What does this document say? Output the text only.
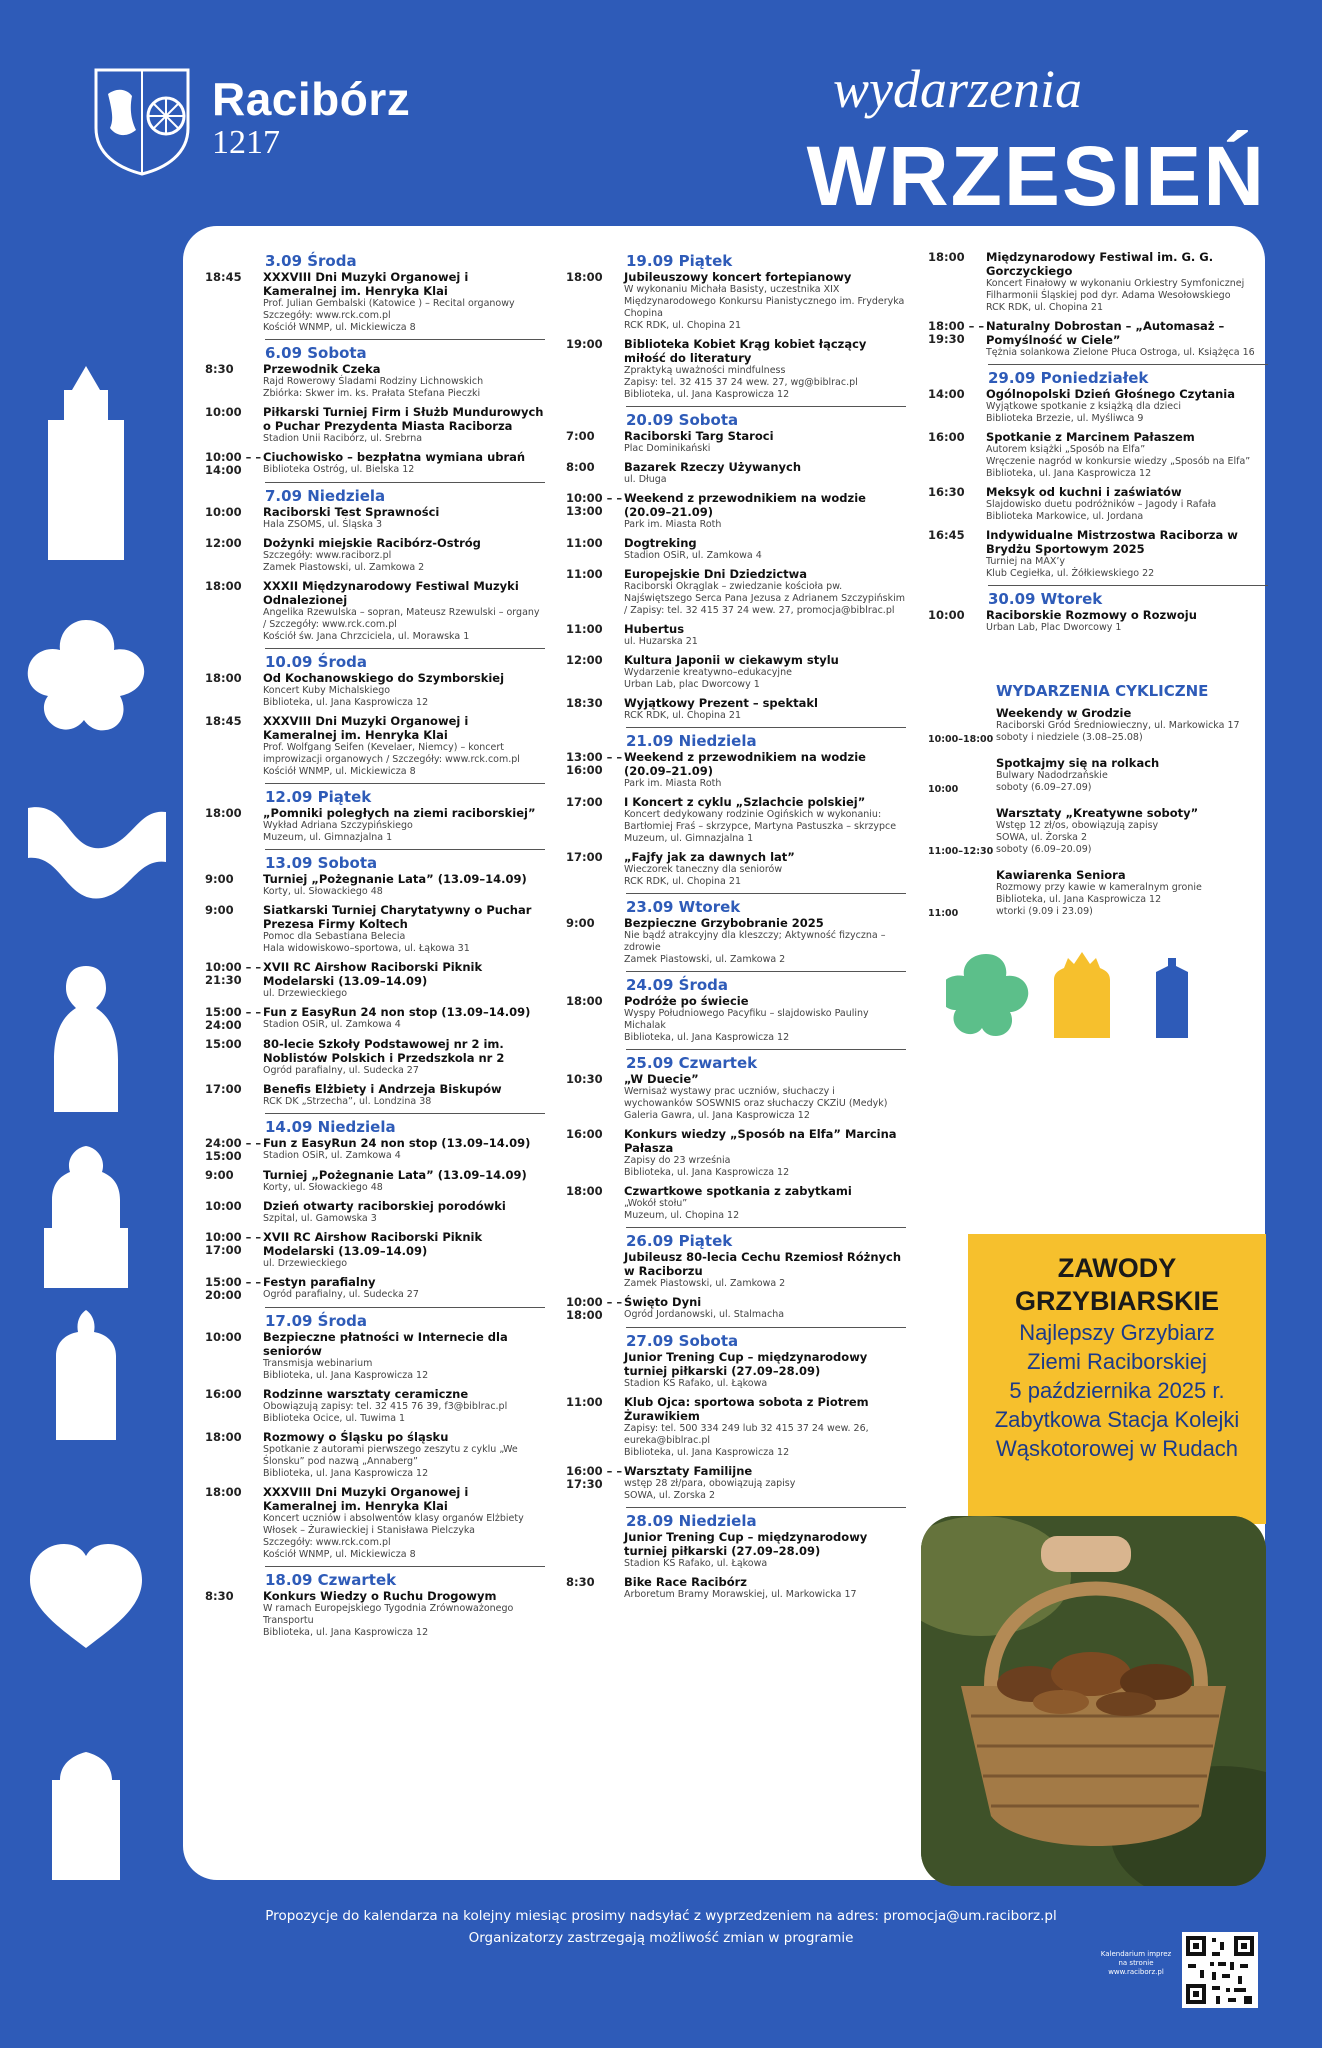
Racibórz
1217
wydarzenia
WRZESIEŃ
3.09 Środa
18:45	XXXVIII Dni Muzyki Organowej i Kameralnej im. Henryka Klai
Prof. Julian Gembalski (Katowice ) – Recital organowy
Szczegóły: www.rck.com.pl
Kościół WNMP, ul. Mickiewicza 8
6.09 Sobota
8:30	Przewodnik Czeka
Rajd Rowerowy Śladami Rodziny Lichnowskich
Zbiórka: Skwer im. ks. Prałata Stefana Pieczki
10:00	Piłkarski Turniej Firm i Służb Mundurowych o Puchar Prezydenta Miasta Raciborza
Stadion Unii Racibórz, ul. Srebrna
10:00 – – 14:00
Ciuchowisko – bezpłatna wymiana ubrań
Biblioteka Ostróg, ul. Bielska 12
7.09 Niedziela
10:00	Raciborski Test Sprawności
Hala ZSOMS, ul. Śląska 3
12:00	Dożynki miejskie Racibórz-Ostróg
Szczegóły: www.raciborz.pl
Zamek Piastowski, ul. Zamkowa 2
18:00	XXXII Międzynarodowy Festiwal Muzyki Odnalezionej
Angelika Rzewulska – sopran, Mateusz Rzewulski – organy / Szczegóły: www.rck.com.pl
Kościół św. Jana Chrzciciela, ul. Morawska 1
10.09 Środa
18:00	Od Kochanowskiego do Szymborskiej
Koncert Kuby Michalskiego
Biblioteka, ul. Jana Kasprowicza 12
18:45	XXXVIII Dni Muzyki Organowej i Kameralnej im. Henryka Klai
Prof. Wolfgang Seifen (Kevelaer, Niemcy) – koncert improwizacji organowych / Szczegóły: www.rck.com.pl
Kościół WNMP, ul. Mickiewicza 8
12.09 Piątek
18:00	„Pomniki poległych na ziemi raciborskiej”
Wykład Adriana Szczypińskiego
Muzeum, ul. Gimnazjalna 1
13.09 Sobota
9:00	Turniej „Pożegnanie Lata” (13.09–14.09)
Korty, ul. Słowackiego 48
9:00	Siatkarski Turniej Charytatywny o Puchar Prezesa Firmy Koltech
Pomoc dla Sebastiana Belecia
Hala widowiskowo–sportowa, ul. Łąkowa 31
10:00 – – 21:30
XVII RC Airshow Raciborski Piknik Modelarski (13.09–14.09)
ul. Drzewieckiego
15:00 – – 24:00
Fun z EasyRun 24 non stop (13.09–14.09)
Stadion OSiR, ul. Zamkowa 4
15:00	80-lecie Szkoły Podstawowej nr 2 im. Noblistów Polskich i Przedszkola nr 2
Ogród parafialny, ul. Sudecka 27
17:00	Benefis Elżbiety i Andrzeja Biskupów
RCK DK „Strzecha”, ul. Londzina 38
14.09 Niedziela
24:00 – – 15:00
Fun z EasyRun 24 non stop (13.09–14.09)
Stadion OSiR, ul. Zamkowa 4
9:00	Turniej „Pożegnanie Lata” (13.09–14.09)
Korty, ul. Słowackiego 48
10:00	Dzień otwarty raciborskiej porodówki
Szpital, ul. Gamowska 3
10:00 – – 17:00
XVII RC Airshow Raciborski Piknik Modelarski (13.09–14.09)
ul. Drzewieckiego
15:00 – – 20:00
Festyn parafialny
Ogród parafialny, ul. Sudecka 27
17.09 Środa
10:00	Bezpieczne płatności w Internecie dla seniorów
Transmisja webinarium
Biblioteka, ul. Jana Kasprowicza 12
16:00	Rodzinne warsztaty ceramiczne
Obowiązują zapisy: tel. 32 415 76 39, f3@biblrac.pl
Biblioteka Ocice, ul. Tuwima 1
18:00	Rozmowy o Śląsku po śląsku
Spotkanie z autorami pierwszego zeszytu z cyklu „We Ślonsku” pod nazwą „Annaberg”
Biblioteka, ul. Jana Kasprowicza 12
18:00	XXXVIII Dni Muzyki Organowej i Kameralnej im. Henryka Klai
Koncert uczniów i absolwentów klasy organów Elżbiety Włosek – Żurawieckiej i Stanisława Pielczyka
Szczegóły: www.rck.com.pl
Kościół WNMP, ul. Mickiewicza 8
18.09 Czwartek
8:30	Konkurs Wiedzy o Ruchu Drogowym
W ramach Europejskiego Tygodnia Zrównoważonego Transportu
Biblioteka, ul. Jana Kasprowicza 12
19.09 Piątek
18:00	Jubileuszowy koncert fortepianowy
W wykonaniu Michała Basisty, uczestnika XIX Międzynarodowego Konkursu Pianistycznego im. Fryderyka Chopina
RCK RDK, ul. Chopina 21
19:00	Biblioteka Kobiet Krąg kobiet łączący miłość do literatury
Zpraktyką uważności mindfulness
Zapisy: tel. 32 415 37 24 wew. 27, wg@biblrac.pl
Biblioteka, ul. Jana Kasprowicza 12
20.09 Sobota
7:00	Raciborski Targ Staroci
Plac Dominikański
8:00	Bazarek Rzeczy Używanych
ul. Długa
10:00 – – 13:00
Weekend z przewodnikiem na wodzie (20.09–21.09)
Park im. Miasta Roth
11:00	Dogtreking
Stadion OSiR, ul. Zamkowa 4
11:00	Europejskie Dni Dziedzictwa
Raciborski Okrąglak – zwiedzanie kościoła pw. Najświętszego Serca Pana Jezusa z Adrianem Szczypińskim / Zapisy: tel. 32 415 37 24 wew. 27, promocja@biblrac.pl
11:00	Hubertus
ul. Huzarska 21
12:00	Kultura Japonii w ciekawym stylu
Wydarzenie kreatywno–edukacyjne
Urban Lab, plac Dworcowy 1
18:30	Wyjątkowy Prezent – spektakl
RCK RDK, ul. Chopina 21
21.09 Niedziela
13:00 – – 16:00
Weekend z przewodnikiem na wodzie (20.09–21.09)
Park im. Miasta Roth
17:00	I Koncert z cyklu „Szlachcie polskiej”
Koncert dedykowany rodzinie Ogińskich w wykonaniu: Bartłomiej Fraś – skrzypce, Martyna Pastuszka – skrzypce
Muzeum, ul. Gimnazjalna 1
17:00	„Fajfy jak za dawnych lat”
Wieczorek taneczny dla seniorów
RCK RDK, ul. Chopina 21
23.09 Wtorek
9:00	Bezpieczne Grzybobranie 2025
Nie bądź atrakcyjny dla kleszczy; Aktywność fizyczna – zdrowie
Zamek Piastowski, ul. Zamkowa 2
24.09 Środa
18:00	Podróże po świecie
Wyspy Południowego Pacyfiku – slajdowisko Pauliny Michalak
Biblioteka, ul. Jana Kasprowicza 12
25.09 Czwartek
10:30	„W Duecie”
Wernisaż wystawy prac uczniów, słuchaczy i wychowanków SOSWNIS oraz słuchaczy CKZiU (Medyk)
Galeria Gawra, ul. Jana Kasprowicza 12
16:00	Konkurs wiedzy „Sposób na Elfa” Marcina Pałasza
Zapisy do 23 września
Biblioteka, ul. Jana Kasprowicza 12
18:00	Czwartkowe spotkania z zabytkami
„Wokół stołu”
Muzeum, ul. Chopina 12
26.09 Piątek
Jubileusz 80-lecia Cechu Rzemiosł Różnych w Raciborzu
Zamek Piastowski, ul. Zamkowa 2
10:00 – – 18:00
Święto Dyni
Ogród Jordanowski, ul. Stalmacha
27.09 Sobota
Junior Trening Cup – międzynarodowy turniej piłkarski (27.09–28.09)
Stadion KS Rafako, ul. Łąkowa
11:00	Klub Ojca: sportowa sobota z Piotrem Żurawikiem
Zapisy: tel. 500 334 249 lub 32 415 37 24 wew. 26, eureka@biblrac.pl
Biblioteka, ul. Jana Kasprowicza 12
16:00 – – 17:30
Warsztaty Familijne
wstęp 28 zł/para, obowiązują zapisy
SOWA, ul. Zorska 2
28.09 Niedziela
Junior Trening Cup – międzynarodowy turniej piłkarski (27.09–28.09)
Stadion KS Rafako, ul. Łąkowa
8:30	Bike Race Racibórz
Arboretum Bramy Morawskiej, ul. Markowicka 17
18:00	Międzynarodowy Festiwal im. G. G. Gorczyckiego
Koncert Finałowy w wykonaniu Orkiestry Symfonicznej Filharmonii Śląskiej pod dyr. Adama Wesołowskiego
RCK RDK, ul. Chopina 21
18:00 – – 19:30
Naturalny Dobrostan – „Automasaż – Pomyślność w Ciele”
Tężnia solankowa Zielone Płuca Ostroga, ul. Książęca 16
29.09 Poniedziałek
14:00	Ogólnopolski Dzień Głośnego Czytania
Wyjątkowe spotkanie z książką dla dzieci
Biblioteka Brzezie, ul. Myśliwca 9
16:00	Spotkanie z Marcinem Pałaszem
Autorem książki „Sposób na Elfa”
Wręczenie nagród w konkursie wiedzy „Sposób na Elfa”
Biblioteka, ul. Jana Kasprowicza 12
16:30	Meksyk od kuchni i zaświatów
Slajdowisko duetu podróżników – Jagody i Rafała
Biblioteka Markowice, ul. Jordana
16:45	Indywidualne Mistrzostwa Raciborza w Brydżu Sportowym 2025
Turniej na MAX’y
Klub Cegiełka, ul. Żółkiewskiego 22
30.09 Wtorek
10:00	Raciborskie Rozmowy o Rozwoju
Urban Lab, Plac Dworcowy 1
WYDARZENIA CYKLICZNE
Weekendy w Grodzie
Raciborski Gród Średniowieczny, ul. Markowicka 17
10:00–18:00 soboty i niedziele (3.08–25.08)
Spotkajmy się na rolkach
Bulwary Nadodrzańskie
10:00	soboty (6.09–27.09)
Warsztaty „Kreatywne soboty”
Wstęp 12 zł/os, obowiązują zapisy
SOWA, ul. Żorska 2
11:00–12:30 soboty (6.09–20.09)
Kawiarenka Seniora
Rozmowy przy kawie w kameralnym gronie
Biblioteka, ul. Jana Kasprowicza 12
11:00	wtorki (9.09 i 23.09)
ZAWODY
GRZYBIARSKIE
Najlepszy Grzybiarz
Ziemi Raciborskiej
5 października 2025 r.
Zabytkowa Stacja Kolejki
Wąskotorowej w Rudach
Propozycje do kalendarza na kolejny miesiąc prosimy nadsyłać z wyprzedzeniem na adres: promocja@um.raciborz.pl
Organizatorzy zastrzegają możliwość zmian w programie
Kalendarium imprez na stronie www.raciborz.pl
